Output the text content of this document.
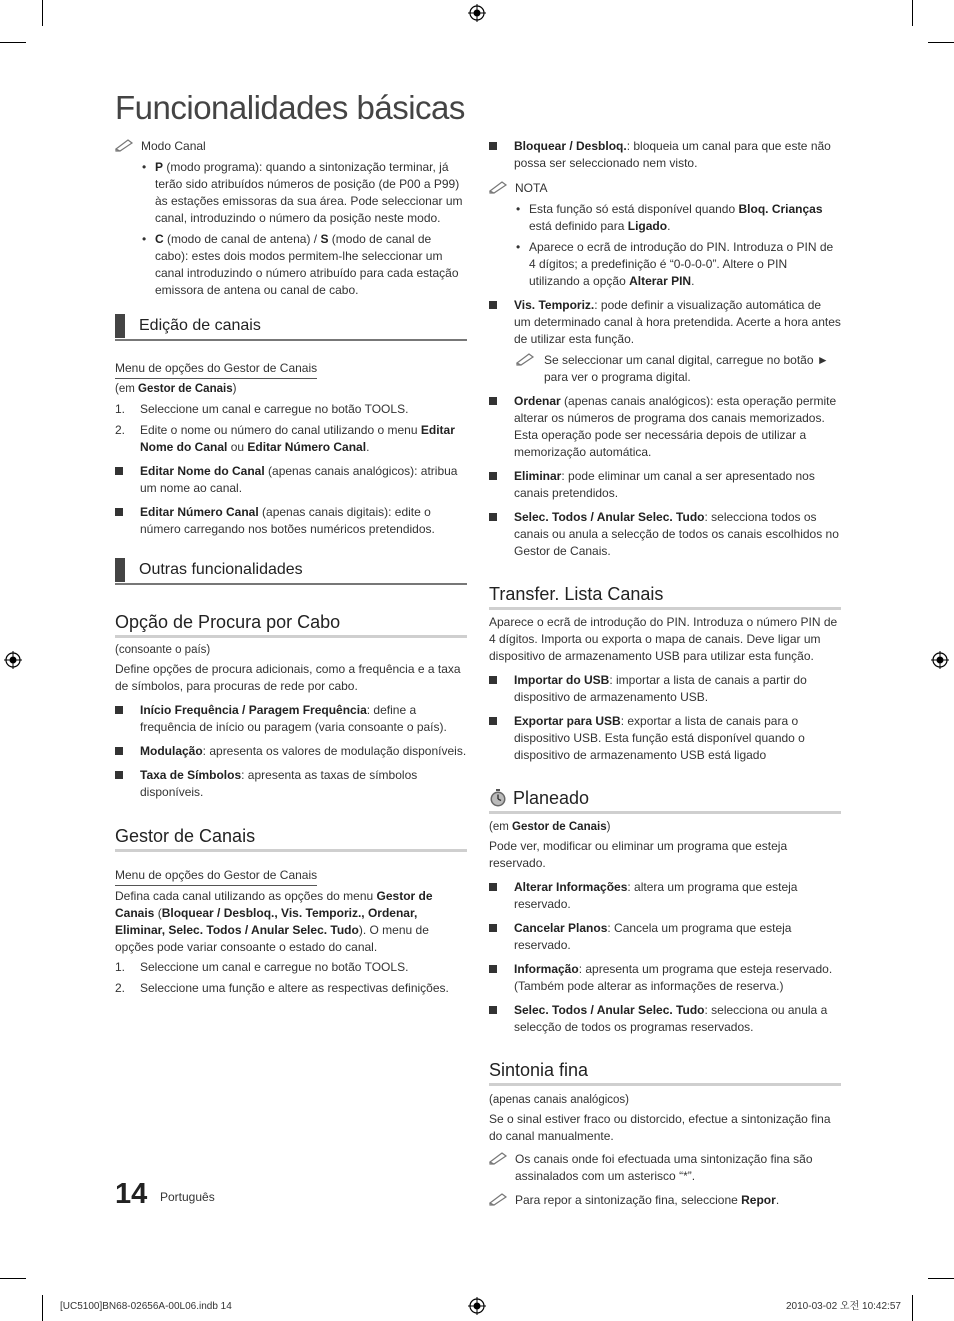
Funcionalidades básicas
Modo Canal
• P (modo programa): quando a sintonização terminar, já terão sido atribuídos números de posição (de P00 a P99) às estações emissoras da sua área. Pode seleccionar um canal, introduzindo o número da posição neste modo.
• C (modo de canal de antena) / S (modo de canal de cabo): estes dois modos permitem-lhe seleccionar um canal introduzindo o número atribuído para cada estação emissora de antena ou canal de cabo.
Edição de canais
Menu de opções do Gestor de Canais

(em Gestor de Canais)

1. Seleccione um canal e carregue no botão TOOLS.
2. Edite o nome ou número do canal utilizando o menu Editar Nome do Canal ou Editar Número Canal.
Editar Nome do Canal (apenas canais analógicos): atribua um nome ao canal.
Editar Número Canal (apenas canais digitais): edite o número carregando nos botões numéricos pretendidos.
Outras funcionalidades
Opção de Procura por Cabo

(consoante o país)

Define opções de procura adicionais, como a frequência e a taxa de símbolos, para procuras de rede por cabo.

Início Frequência / Paragem Frequência: define a frequência de início ou paragem (varia consoante o país).
Modulação: apresenta os valores de modulação disponíveis.
Taxa de Símbolos: apresenta as taxas de símbolos disponíveis.
Gestor de Canais
Menu de opções do Gestor de Canais

Defina cada canal utilizando as opções do menu Gestor de Canais (Bloquear / Desbloq., Vis. Temporiz., Ordenar, Eliminar, Selec. Todos / Anular Selec. Tudo). O menu de opções pode variar consoante o estado do canal.

1. Seleccione um canal e carregue no botão TOOLS.
2. Seleccione uma função e altere as respectivas definições.
Bloquear / Desbloq.: bloqueia um canal para que este não possa ser seleccionado nem visto.
NOTA
• Esta função só está disponível quando Bloq. Crianças está definido para Ligado.
• Aparece o ecrã de introdução do PIN. Introduza o PIN de 4 dígitos; a predefinição é “0-0-0-0”. Altere o PIN utilizando a opção Alterar PIN.
Vis. Temporiz.: pode definir a visualização automática de um determinado canal à hora pretendida. Acerte a hora antes de utilizar esta função.
Se seleccionar um canal digital, carregue no botão ► para ver o programa digital.
Ordenar (apenas canais analógicos): esta operação permite alterar os números de programa dos canais memorizados. Esta operação pode ser necessária depois de utilizar a memorização automática.
Eliminar: pode eliminar um canal a ser apresentado nos canais pretendidos.
Selec. Todos / Anular Selec. Tudo: selecciona todos os canais ou anula a selecção de todos os canais escolhidos no Gestor de Canais.
Transfer. Lista Canais

Aparece o ecrã de introdução do PIN. Introduza o número PIN de 4 dígitos. Importa ou exporta o mapa de canais. Deve ligar um dispositivo de armazenamento USB para utilizar esta função.

Importar do USB: importar a lista de canais a partir do dispositivo de armazenamento USB.
Exportar para USB: exportar a lista de canais para o dispositivo USB. Esta função está disponível quando o dispositivo de armazenamento USB está ligado
Planeado

(em Gestor de Canais)

Pode ver, modificar ou eliminar um programa que esteja reservado.

Alterar Informações: altera um programa que esteja reservado.
Cancelar Planos: Cancela um programa que esteja reservado.
Informação: apresenta um programa que esteja reservado. (Também pode alterar as informações de reserva.)
Selec. Todos / Anular Selec. Tudo: selecciona ou anula a selecção de todos os programas reservados.
Sintonia fina

(apenas canais analógicos)

Se o sinal estiver fraco ou distorcido, efectue a sintonização fina do canal manualmente.

Os canais onde foi efectuada uma sintonização fina são assinalados com um asterisco “*”.
Para repor a sintonização fina, seleccione Repor.
14 Português
[UC5100]BN68-02656A-00L06.indb 14	2010-03-02 오전 10:42:57
